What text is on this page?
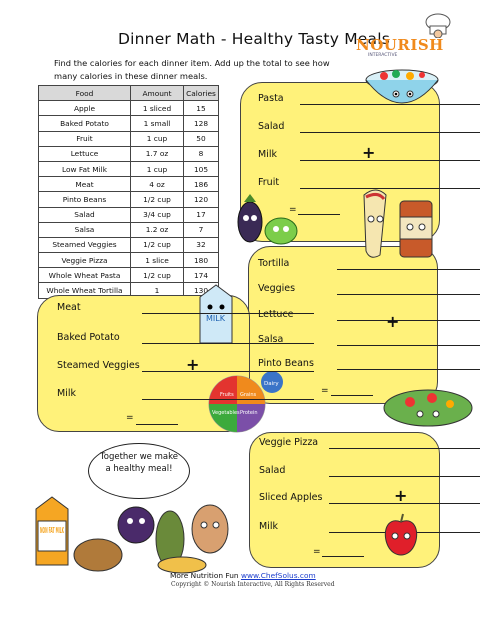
Dinner Math - Healthy Tasty Meals
NOURISH
INTERACTIVE
Find the calories for each dinner item. Add up the total to see how many calories in these dinner meals.
Food	Amount	Calories
Apple	1 sliced	15
Baked Potato	1 small	128
Fruit	1 cup	50
Lettuce	1.7 oz	8
Low Fat Milk	1 cup	105
Meat	4 oz	186
Pinto Beans	1/2 cup	120
Salad	3/4 cup	17
Salsa	1.2 oz	7
Steamed Veggies	1/2 cup	32
Veggie Pizza	1 slice	180
Whole Wheat Pasta	1/2 cup	174
Whole Wheat Tortilla	1	130
Pasta
Salad
Milk
Fruit
+
=
Tortilla
Veggies
Lettuce
Salsa
Pinto Beans
+
=
MILK
Dairy
Fruits Grains
Vegetables Protein
Meat
Baked Potato
Steamed Veggies
Milk
+
=
Veggie Pizza
Salad
Sliced Apples
Milk
+
=
Together we make a healthy meal!
NON FAT MILK
More Nutrition Fun www.ChefSolus.com
Copyright © Nourish Interactive, All Rights Reserved
